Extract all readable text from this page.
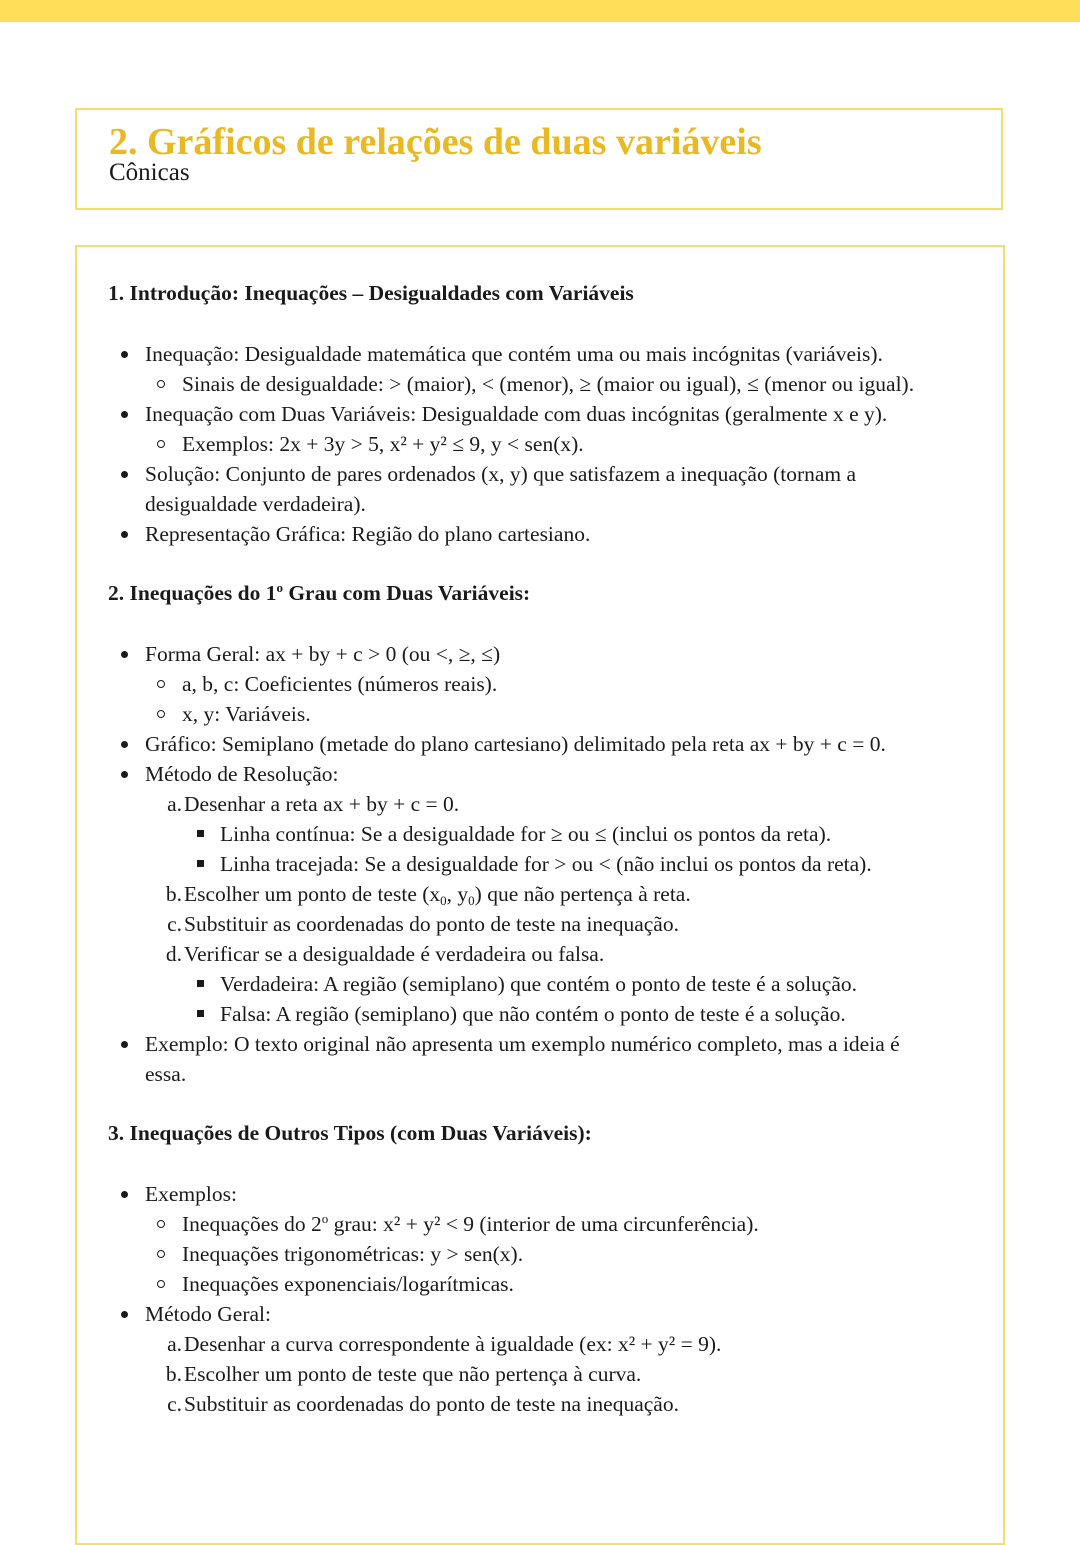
2. Gráficos de relações de duas variáveis
Cônicas
1. Introdução: Inequações – Desigualdades com Variáveis
Inequação: Desigualdade matemática que contém uma ou mais incógnitas (variáveis).
Sinais de desigualdade: > (maior), < (menor), ≥ (maior ou igual), ≤ (menor ou igual).
Inequação com Duas Variáveis: Desigualdade com duas incógnitas (geralmente x e y).
Exemplos: 2x + 3y > 5, x² + y² ≤ 9, y < sen(x).
Solução: Conjunto de pares ordenados (x, y) que satisfazem a inequação (tornam a
desigualdade verdadeira).
Representação Gráfica: Região do plano cartesiano.
2. Inequações do 1$^o$ Grau com Duas Variáveis:
Forma Geral: ax + by + c > 0 (ou <, ≥, ≤)
a, b, c: Coeficientes (números reais).
x, y: Variáveis.
Gráfico: Semiplano (metade do plano cartesiano) delimitado pela reta ax + by + c = 0.
Método de Resolução:
a. Desenhar a reta ax + by + c = 0.
Linha contínua: Se a desigualdade for ≥ ou ≤ (inclui os pontos da reta).
Linha tracejada: Se a desigualdade for > ou < (não inclui os pontos da reta).
b. Escolher um ponto de teste ($x_0$, $y_0$) que não pertença à reta.
c. Substituir as coordenadas do ponto de teste na inequação.
d. Verificar se a desigualdade é verdadeira ou falsa.
Verdadeira: A região (semiplano) que contém o ponto de teste é a solução.
Falsa: A região (semiplano) que não contém o ponto de teste é a solução.
Exemplo: O texto original não apresenta um exemplo numérico completo, mas a ideia é
essa.
3. Inequações de Outros Tipos (com Duas Variáveis):
Exemplos:
Inequações do 2$^o$ grau: x² + y² < 9 (interior de uma circunferência).
Inequações trigonométricas: y > sen(x).
Inequações exponenciais/logarítmicas.
Método Geral:
a. Desenhar a curva correspondente à igualdade (ex: x² + y² = 9).
b. Escolher um ponto de teste que não pertença à curva.
c. Substituir as coordenadas do ponto de teste na inequação.
